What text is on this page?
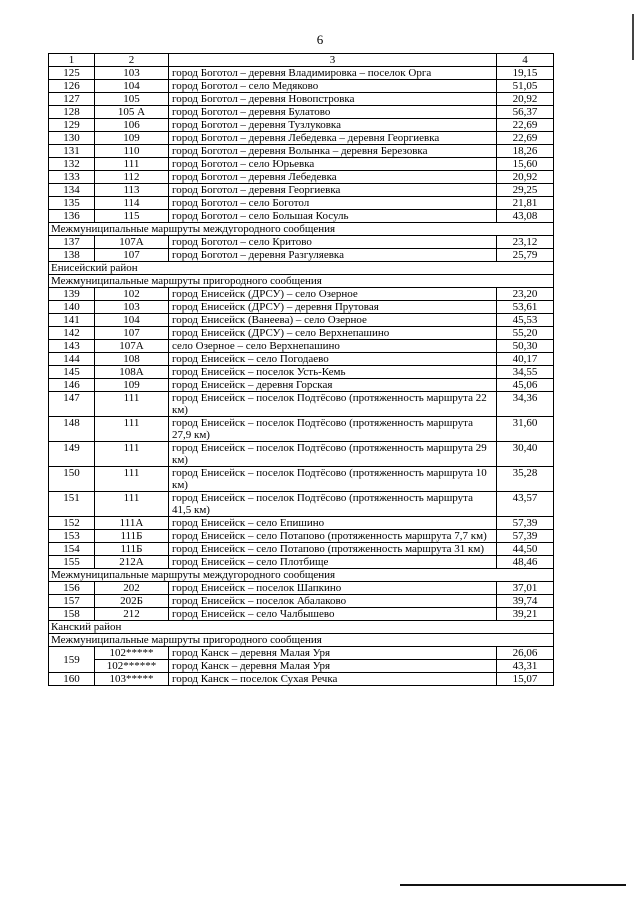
6
1	2	3	4
125	103	город Боготол – деревня Владимировка – поселок Орга	19,15
126	104	город Боготол – село Медяково	51,05
127	105	город Боготол – деревня Новопстровка	20,92
128	105 А	город Боготол – деревня Булатово	56,37
129	106	город Боготол – деревня Тузлуковка	22,69
130	109	город Боготол – деревня Лебедевка – деревня Георгиевка	22,69
131	110	город Боготол – деревня Волынка – деревня Березовка	18,26
132	111	город Боготол – село Юрьевка	15,60
133	112	город Боготол – деревня Лебедевка	20,92
134	113	город Боготол – деревня Георгиевка	29,25
135	114	город Боготол – село Боготол	21,81
136	115	город Боготол – село Большая Косуль	43,08
Межмуниципальные маршруты междугородного сообщения			
137	107А	город Боготол – село Критово	23,12
138	107	город Боготол – деревня Разгуляевка	25,79
Енисейский район			
Межмуниципальные маршруты пригородного сообщения			
139	102	город Енисейск (ДРСУ) – село Озерное	23,20
140	103	город Енисейск (ДРСУ) – деревня Прутовая	53,61
141	104	город Енисейск (Ванеева) – село Озерное	45,53
142	107	город Енисейск (ДРСУ) – село Верхнепашино	55,20
143	107А	село Озерное – село Верхнепашино	50,30
144	108	город Енисейск – село Погодаево	40,17
145	108А	город Енисейск – поселок Усть-Кемь	34,55
146	109	город Енисейск – деревня Горская	45,06
147	111	город Енисейск – поселок Подтёсово (протяженность маршрута 22 км)	34,36
148	111	город Енисейск – поселок Подтёсово (протяженность маршрута 27,9 км)	31,60
149	111	город Енисейск – поселок Подтёсово (протяженность маршрута 29 км)	30,40
150	111	город Енисейск – поселок Подтёсово (протяженность маршрута 10 км)	35,28
151	111	город Енисейск – поселок Подтёсово (протяженность маршрута 41,5 км)	43,57
152	111А	город Енисейск – село Епишино	57,39
153	111Б	город Енисейск – село Потапово (протяженность маршрута 7,7 км)	57,39
154	111Б	город Енисейск – село Потапово (протяженность маршрута 31 км)	44,50
155	212А	город Енисейск – село Плотбище	48,46
Межмуниципальные маршруты междугородного сообщения			
156	202	город Енисейск – поселок Шапкино	37,01
157	202Б	город Енисейск – поселок Абалаково	39,74
158	212	город Енисейск – село Чалбышево	39,21
Канский район			
Межмуниципальные маршруты пригородного сообщения			
159	102*****	город Канск – деревня Малая Уря	26,06
	102******	город Канск – деревня Малая Уря	43,31
160	103*****	город Канск – поселок Сухая Речка	15,07
